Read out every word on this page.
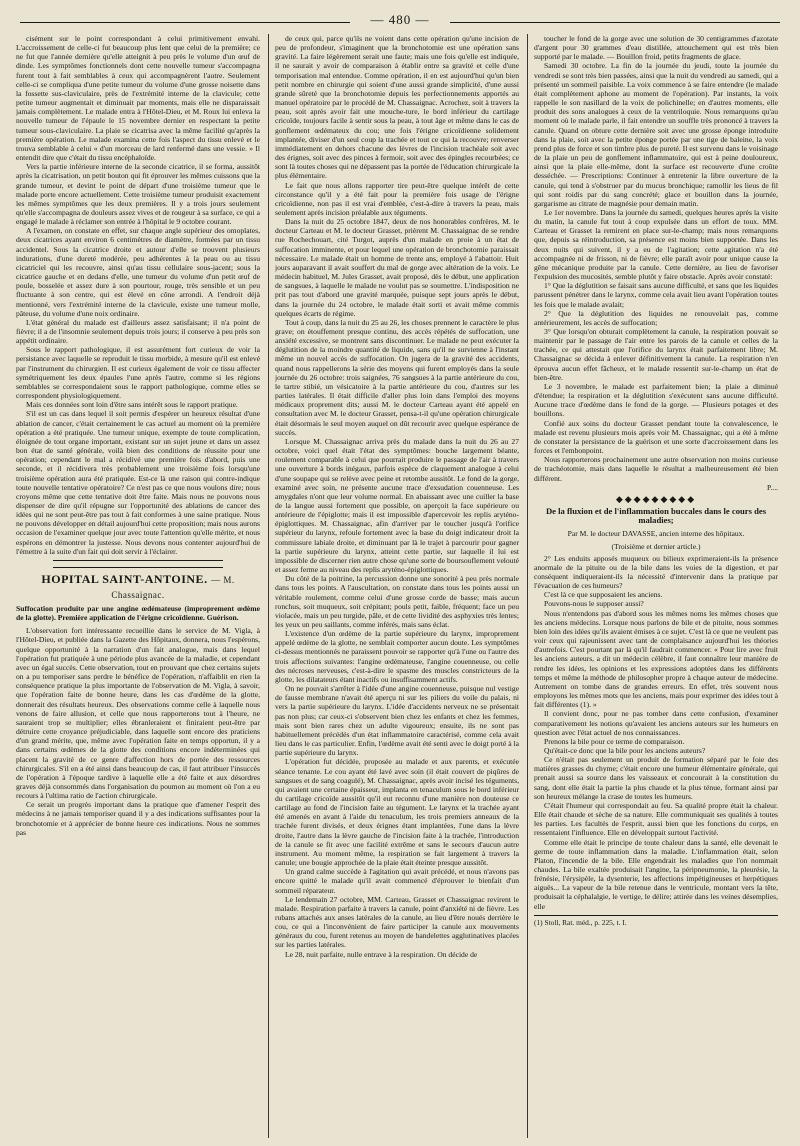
— 480 —

cisément sur le point correspondant à celui primitivement envahi. L'accroissement de celle-ci fut beaucoup plus lent que celui de la première; ce ne fut que l'année dernière qu'elle atteignit à peu près le volume d'un œuf de dinde. Les symptômes fonctionnels dont cette nouvelle tumeur s'accompagna furent tout à fait semblables à ceux qui accompagnèrent l'autre. Seulement celle-ci se compliqua d'une petite tumeur du volume d'une grosse noisette dans la fossette sus-claviculaire, près de l'extrémité interne de la clavicule; cette petite tumeur augmentait et diminuait par moments, mais elle ne disparaissait jamais complètement. Le malade entra à l'Hôtel-Dieu, et M. Roux lui enleva la nouvelle tumeur de l'épaule le 15 novembre dernier en respectant la petite tumeur sous-claviculaire. La plaie se cicatrisa avec la même facilité qu'après la première opération. Le malade examina cette fois l'aspect du tissu enlevé et le trouva semblable à celui « d'un morceau de lard renfermé dans une vessie. » Il entendit dire que c'était du tissu encéphaloïde.

Vers la partie inférieure interne de la seconde cicatrice, il se forma, aussitôt après la cicatrisation, un petit bouton qui fit éprouver les mêmes cuissons que la grande tumeur, et devint le point de départ d'une troisième tumeur que le malade porte encore actuellement. Cette troisième tumeur produisit exactement les mêmes symptômes que les deux premières. Il y a trois jours seulement qu'elle s'accompagna de douleurs assez vives et de rougeur à sa surface, ce qui a engagé le malade à réclamer son entrée à l'hôpital le 9 octobre courant.

A l'examen, on constate en effet, sur chaque angle supérieur des omoplates, deux cicatrices ayant environ 6 centimètres de diamètre, formées par un tissu accidentel. Sous la cicatrice droite et autour d'elle se trouvent plusieurs indurations, d'une dureté modérée, peu adhérentes à la peau ou au tissu cicatriciel qui les recouvre, ainsi qu'au tissu cellulaire sous-jacent; sous la cicatrice gauche et en dedans d'elle, une tumeur du volume d'un petit œuf de poule, bosselée et assez dure à son pourtour, rouge, très sensible et un peu fluctuante à son centre, qui est élevé en cône arrondi. A l'endroit déjà mentionné, vers l'extrémité interne de la clavicule, existe une tumeur molle, pâteuse, du volume d'une noix ordinaire.

L'état général du malade est d'ailleurs assez satisfaisant; il n'a point de fièvre; il a de l'insomnie seulement depuis trois jours; il conserve à peu près son appétit ordinaire.

Sous le rapport pathologique, il est assurément fort curieux de voir la persistance avec laquelle se reproduit le tissu morbide, à mesure qu'il est enlevé par l'instrument du chirurgien. Il est curieux également de voir ce tissu affecter symétriquement les deux épaules l'une après l'autre, comme si les régions semblables se correspondaient sous le rapport pathologique, comme elles se correspondent physiologiquement.

Mais ces données sont loin d'être sans intérêt sous le rapport pratique.

S'il est un cas dans lequel il soit permis d'espérer un heureux résultat d'une ablation de cancer, c'était certainement le cas actuel au moment où la première opération a été pratiquée. Une tumeur unique, exempte de toute complication, éloignée de tout organe important, existant sur un sujet jeune et dans un assez bon état de santé générale, voilà bien des conditions de réussite pour une opération; cependant le mal a récidivé une première fois d'abord, puis une seconde, et il récidivera très probablement une troisième fois lorsqu'une troisième opération aura été pratiquée. Est-ce là une raison qui contre-indique toute nouvelle tentative opératoire? Ce n'est pas ce que nous voulons dire; nous croyons même que cette tentative doit être faite. Mais nous ne pouvons nous dispenser de dire qu'il répugne sur l'opportunité des ablations de cancer des idées qui ne sont peut-être pas tout à fait conformes à une saine pratique. Nous ne pouvons développer en détail aujourd'hui cette proposition; mais nous aurons occasion de l'examiner quelque jour avec toute l'attention qu'elle mérite, et nous espérons en démontrer la justesse. Nous devons nous contenter aujourd'hui de l'émettre à la suite d'un fait qui doit servir à l'éclairer.

HOPITAL SAINT-ANTOINE. — M. Chassaignac.
Suffocation produite par une angine œdémateuse (improprement œdème de la glotte). Première application de l'érigne cricoïdienne. Guérison.

L'observation fort intéressante recueillie dans le service de M. Vigla, à l'Hôtel-Dieu, et publiée dans la Gazette des Hôpitaux, donnera, nous l'espérons, quelque opportunité à la narration d'un fait analogue, mais dans lequel l'opération fut pratiquée à une période plus avancée de la maladie, et cependant avec un égal succès. Cette observation, tout en prouvant que chez certains sujets on a pu temporiser sans perdre le bénéfice de l'opération, n'affaiblit en rien la conséquence pratique la plus importante de l'observation de M. Vigla, à savoir, que l'opération faite de bonne heure, dans les cas d'œdème de la glotte, donnerait des résultats heureux. Des observations comme celle à laquelle nous venons de faire allusion, et celle que nous rapporterons tout à l'heure, ne sauraient trop se multiplier; elles ébranleraient et finiraient peut-être par détruire cette croyance préjudiciable, dans laquelle sont encore des praticiens d'un grand mérite, que, même avec l'opération faite en temps opportun, il y a dans certains œdèmes de la glotte des conditions encore indéterminées qui placent la gravité de ce genre d'affection hors de portée des ressources chirurgicales. S'il en a été ainsi dans beaucoup de cas, il faut attribuer l'insuccès de l'opération à l'époque tardive à laquelle elle a été faite et aux désordres graves déjà consommés dans l'organisation du poumon au moment où l'on a eu recours à l'ultima ratio de l'action chirurgicale.

Ce serait un progrès important dans la pratique que d'amener l'esprit des médecins à ne jamais temporiser quand il y a des indications suffisantes pour la bronchotomie et à apprécier de bonne heure ces indications. Nous ne sommes pas

de ceux qui, parce qu'ils ne voient dans cette opération qu'une incision de peu de profondeur, s'imaginent que la bronchotomie est une opération sans gravité. La faire légèrement serait une faute; mais une fois qu'elle est indiquée, il ne saurait y avoir de comparaison à établir entre sa gravité et celle d'une temporisation mal entendue. Comme opération, il en est aujourd'hui qu'un bien petit nombre en chirurgie qui soient d'une aussi grande simplicité, d'une aussi grande sûreté que la bronchotomie depuis les perfectionnements apportés au manuel opératoire par le procédé de M. Chassaignac. Acrochez, soit à travers la peau, soit après avoir fait une mouche-ture, le bord inférieur du cartilage cricoïde, toujours facile à sentir sous la peau, à tout âge et même dans le cas de gonflement œdémateux du cou; une fois l'érigne cricoïdienne solidement implantée, diviser d'un seul coup la trachée et tout ce qui la recouvre; renverser immédiatement en dehors chacune des lèvres de l'incision trachéale soit avec des érignes, soit avec des pinces à fermoir, soit avec des épingles recourbées; ce sont là toutes choses qui ne dépassent pas la portée de l'éducation chirurgicale la plus élémentaire.

Le fait que nous allons rapporter tire peut-être quelque intérêt de cette circonstance qu'il y a été fait pour la première fois usage de l'érigne cricoïdienne, non pas il est vrai d'emblée, c'est-à-dire à travers la peau, mais seulement après incision préalable aux téguments.

Dans la nuit du 25 octobre 1847, deux de nos honorables confrères, M. le docteur Carteau et M. le docteur Grasset, prièrent M. Chassaignac de se rendre rue Rochechouart, cité Turgot, auprès d'un malade en proie à un état de suffocation imminente, et pour lequel une opération de bronchotomie paraissait nécessaire. Le malade était un homme de trente ans, employé à l'abattoir. Huit jours auparavant il avait souffert du mal de gorge avec altération de la voix. Le médecin habituel, M. Jules Grasset, avait proposé, dès le début, une application de sangsues, à laquelle le malade ne voulut pas se soumettre. L'indisposition ne prit pas tout d'abord une gravité marquée, puisque sept jours après le début, dans la journée du 24 octobre, le malade était sorti et avait même commis quelques écarts de régime.

Tout à coup, dans la nuit du 25 au 26, les choses prennent le caractère le plus grave; on étouffement presque continu, des accès répétés de suffocation, une anxiété excessive, se montrent sans discontinuer. Le malade ne peut exécuter la déglutition de la moindre quantité de liquide, sans qu'il ne survienne à l'instant même un nouvel accès de suffocation. On jugera de la gravité des accidents, quand nous rappellerons la série des moyens qui furent employés dans la seule journée du 26 octobre: trois saignées, 76 sangsues à la partie antérieure du cou, le tartre stibié, un vésicatoire à la partie antérieure du cou, d'autres sur les parties latérales. Il était difficile d'aller plus loin dans l'emploi des moyens médicaux proprement dits; aussi M. le docteur Carteau ayant été appelé en consultation avec M. le docteur Grasset, pensa-t-il qu'une opération chirurgicale était désormais le seul moyen auquel on dût recourir avec quelque espérance de succès.

Lorsque M. Chassaignac arriva près du malade dans la nuit du 26 au 27 octobre, voici quel était l'état des symptômes: bouche largement béante, roulement comparable à celui que pourrait produire le passage de l'air à travers une ouverture à bords inégaux, parfois espèce de claquement analogue à celui d'une soupape qui se relève avec peine et retombe aussitôt. Le fond de la gorge, examiné avec soin, ne présente aucune trace d'exsudation couenneuse. Les amygdales n'ont que leur volume normal. En abaissant avec une cuiller la base de la langue aussi fortement que possible, on aperçoit la face supérieure ou antérieure de l'épiglotte; mais il est impossible d'apercevoir les replis aryténo-épiglottiques. M. Chassaignac, afin d'arriver par le toucher jusqu'à l'orifice supérieur du larynx, refoule fortement avec la base du doigt indicateur droit la commissure labiale droite, et diminuant par là le trajet à parcourir pour gagner la partie supérieure du larynx, atteint cette partie, sur laquelle il lui est impossible de discerner rien autre chose qu'une sorte de boursouflement velouté et assez ferme au niveau des replis aryténo-épiglottiques.

Du côté de la poitrine, la percussion donne une sonorité à peu près normale dans tous les points. A l'auscultation, on constate dans tous les points aussi un véritable roulement, comme celui d'une grosse corde de basse; mais aucun ronchus, soit muqueux, soit crépitant; pouls petit, faible, fréquent; face un peu violacée, mais un peu turgide, pâle, et de cette lividité des asphyxies très lentes; les yeux un peu saillants, comme inférés, mais sans éclat.

L'existence d'un œdème de la partie supérieure du larynx, improprement appelé œdème de la glotte, ne semblait comporter aucun doute. Les symptômes ci-dessus mentionnés ne paraissent pouvoir se rapporter qu'à l'une ou l'autre des trois affections suivantes: l'angine œdémateuse, l'angine couenneuse, ou celle des nécroses nerveuses, c'est-à-dire le spasme des muscles constricteurs de la glotte, les dilatateurs étant inactifs ou insuffisamment actifs.

On ne pouvait s'arrêter à l'idée d'une angine couenneuse, puisque nul vestige de fausse membrane n'avait été aperçu ni sur les piliers du voile du palais, ni vers la partie supérieure du larynx. L'idée d'accidents nerveux ne se présentait pas non plus; car ceux-ci s'observent bien chez les enfants et chez les femmes, mais sont bien rares chez un adulte vigoureux; ensuite, ils ne sont pas habituellement précédés d'un état inflammatoire caractérisé, comme cela avait lieu dans le cas particulier. Enfin, l'œdème avait été senti avec le doigt porté à la partie supérieure du larynx.

L'opération fut décidée, proposée au malade et aux parents, et exécutée séance tenante. Le cou ayant été lavé avec soin (il était couvert de piqûres de sangsues et de sang coagulé), M. Chassaignac, après avoir incisé les téguments, qui avaient une certaine épaisseur, implanta en tenaculum sous le bord inférieur du cartilage cricoïde aussitôt qu'il eut reconnu d'une manière non douteuse ce cartilage au fond de l'incision faite au tégument. Le larynx et la trachée ayant été amenés en avant à l'aide du tenaculum, les trois premiers anneaux de la trachée furent divisés, et deux érignes étant implantées, l'une dans la lèvre droite, l'autre dans la lèvre gauche de l'incision faite à la trachée, l'introduction de la canule se fit avec une facilité extrême et sans le secours d'aucun autre instrument. Au moment même, la respiration se fait largement à travers la canule; une bougie approchée de la plaie était éteinte presque aussitôt.

Un grand calme succède à l'agitation qui avait précédé, et nous n'avons pas encore quitté le malade qu'il avait commencé d'éprouver le bienfait d'un sommeil réparateur.

Le lendemain 27 octobre, MM. Carteau, Grasset et Chassaignac revirent le malade. Respiration parfaite à travers la canule, point d'anxiété ni de fièvre. Les rubans attachés aux anses latérales de la canule, au lieu d'être noués derrière le cou, ce qui a l'inconvénient de faire participer la canule aux mouvements généraux du cou, furent retenus au moyen de bandelettes agglutinatives placées sur les parties latérales.

Le 28, nuit parfaite, nulle entrave à la respiration. On décide de

toucher le fond de la gorge avec une solution de 30 centigrammes d'azotate d'argent pour 30 grammes d'eau distillée, attouchement qui est très bien supporté par le malade. — Bouillon froid, petits fragments de glace.

Samedi 30 octobre. La fin de la journée du jeudi, toute la journée du vendredi se sont très bien passées, ainsi que la nuit du vendredi au samedi, qui a présenté un sommeil paisible. La voix commence à se faire entendre (le malade était complètement aphone au moment de l'opération). Par instants, la voix rappelle le son nasillard de la voix de polichinelle; en d'autres moments, elle produit des sons analogues à ceux de la ventriloquie. Nous remarquons qu'au moment où le malade parle, il fait entendre un souffle très prononcé à travers la canule. Quand on obture cette dernière soit avec une grosse éponge introduite dans la plaie, soit avec la petite éponge portée par une tige de baleine, la voix prend plus de force et son timbre plus de pureté. Il est survenu dans le voisinage de la plaie un peu de gonflement inflammatoire, qui est à peine douloureux, ainsi que la plaie elle-même, dont la surface est recouverte d'une croûte desséchée. — Prescriptions: Continuer à entretenir la libre ouverture de la canule, qui tend à s'obstruer par du mucus bronchique; ramollir les lieus de fil qui sont roidis par du sang concrété; glace et bouillon dans la journée, gargarisme au citrate de magnésie pour demain matin.

Le 1er novembre. Dans la journée du samedi, quelques heures après la visite du matin, la canule fut tout à coup expulsée dans un effort de toux. MM. Carteau et Grasset la remirent en place sur-le-champ; mais nous remarquons que, depuis sa réintroduction, sa présence est moins bien supportée. Dans les deux nuits qui suivent, il y a eu de l'agitation; cette agitation n'a été accompagnée ni de frisson, ni de fièvre; elle paraît avoir pour unique cause la gêne mécanique produite par la canule. Cette dernière, au lieu de favoriser l'expulsion des mucosités, semble plutôt y faire obstacle. Après avoir constaté:

1° Que la déglutition se faisait sans aucune difficulté, et sans que les liquides parussent pénétrer dans le larynx, comme cela avait lieu avant l'opération toutes les fois que le malade avalait;

2° Que la déglutition des liquides ne renouvelait pas, comme antérieurement, les accès de suffocation;

3° Que lorsqu'on obturait complètement la canule, la respiration pouvait se maintenir par le passage de l'air entre les parois de la canule et celles de la trachée, ce qui attestait que l'orifice du larynx était parfaitement libre; M. Chassaignac se décida à enlever définitivement la canule. La respiration n'en éprouva aucun effet fâcheux, et le malade ressentit sur-le-champ un état de bien-être.

Le 3 novembre, le malade est parfaitement bien; la plaie a diminué d'étendue; la respiration et la déglutition s'exécutent sans aucune difficulté. Aucune trace d'œdème dans le fond de la gorge. — Plusieurs potages et des bouillons.

Confié aux soins du docteur Grasset pendant toute la convalescence, le malade est revenu plusieurs mois après voir M. Chassaignac, qui a été à même de constater la persistance de la guérison et une sorte d'accroissement dans les forces et l'embonpoint.

Nous rapporterons prochainement une autre observation non moins curieuse de trachéotomie, mais dans laquelle le résultat a malheureusement été bien différent.

P....

◆◆◆◆◆◆◆◆◆
De la fluxion et de l'inflammation buccales dans le cours des maladies;

Par M. le docteur DAVASSE, ancien interne des hôpitaux.

(Troisième et dernier article.)

2° Les enduits apposés muqueux ou bilieux exprimeraient-ils la présence anormale de la pituite ou de la bile dans les voies de la digestion, et par conséquent indiqueraient-ils la nécessité d'intervenir dans la pratique par l'évacuation de ces humeurs?

C'est là ce que supposaient les anciens.

Pouvons-nous le supposer aussi?

Nous n'entendons pas d'abord sous les mêmes noms les mêmes choses que les anciens médecins. Lorsque nous parlons de bile et de pituite, nous sommes bien loin des idées qu'ils avaient émises à ce sujet. C'est là ce que ne veulent pas voir ceux qui rajeunissent avec tant de complaisance aujourd'hui les théories d'autrefois. C'est pourtant par là qu'il faudrait commencer. « Pour lire avec fruit les anciens auteurs, a dit un médecin célèbre, il faut connaître leur manière de rendre les idées, les opinions et les expressions adoptées dans les différents temps et même la méthode de philosopher propre à chaque auteur de médecine. Autrement on tombe dans de grandes erreurs. En effet, très souvent nous employons les mêmes mots que les anciens, mais pour exprimer des idées tout à fait différentes (1). »

Il convient donc, pour ne pas tomber dans cette confusion, d'examiner comparativement les notions qu'avaient les anciens auteurs sur les humeurs en question avec l'état actuel de nos connaissances.

Prenons la bile pour ce terme de comparaison.

Qu'était-ce donc que la bile pour les anciens auteurs?

Ce n'était pas seulement un produit de formation séparé par le foie des matières grasses du chyme; c'était encore une humeur élémentaire générale, qui prenait aussi sa source dans les vaisseaux et concourait à la constitution du sang, dont elle était la partie la plus chaude et la plus ténue, formant ainsi par son heureux mélange la crase de toutes les humeurs.

C'était l'humeur qui correspondait au feu. Sa qualité propre était la chaleur. Elle était chaude et sèche de sa nature. Elle communiquait ses qualités à toutes les parties. Les facultés de l'esprit, aussi bien que les fonctions du corps, en ressentaient l'influence. Elle en développait surtout l'activité.

Comme elle était le principe de toute chaleur dans la santé, elle devenait le germe de toute inflammation dans la maladie. L'inflammation était, selon Platon, l'incendie de la bile. Elle engendrait les maladies que l'on nommait chaudes. La bile exaltée produisait l'angine, la péripneumonie, la pleurésie, la frénésie, l'érysipèle, la dysenterie, les affections impétigineuses et herpétiques aiguës... La vapeur de la bile retenue dans le ventricule, montant vers la tête, produisait la céphalalgie, le vertige, le délire; attirée dans les veines désemplies, elle

(1) Stoll, Rat. méd., p. 225, t. I.
